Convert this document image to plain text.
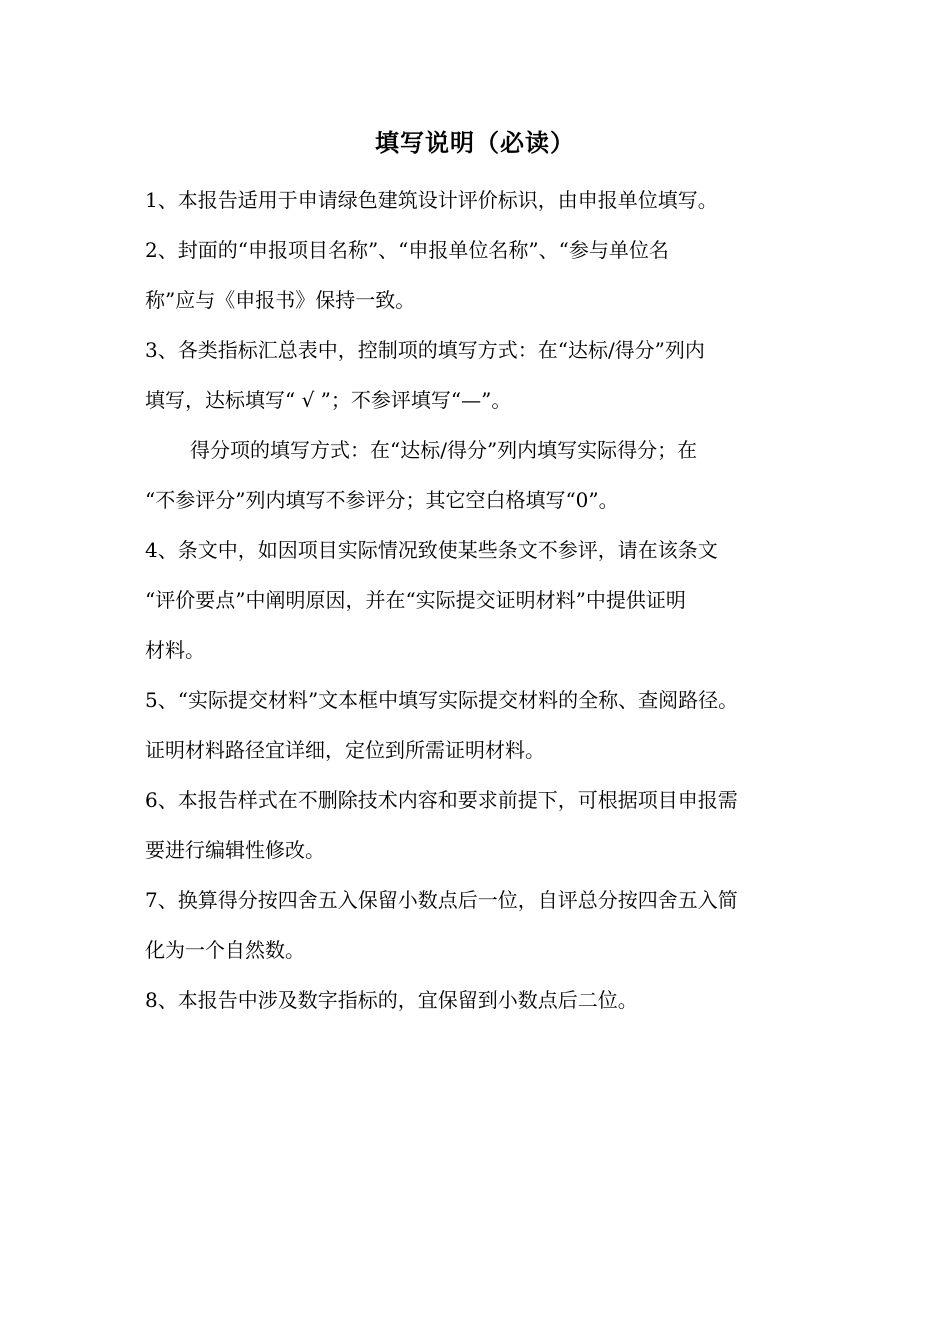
填写说明（必读）
1、本报告适用于申请绿色建筑设计评价标识，由申报单位填写。
2、封面的“申报项目名称”、“申报单位名称”、“参与单位名
称”应与《申报书》保持一致。
3、各类指标汇总表中，控制项的填写方式：在“达标/得分”列内
填写，达标填写“ √ ”；不参评填写“—”。
得分项的填写方式：在“达标/得分”列内填写实际得分；在
“不参评分”列内填写不参评分；其它空白格填写“0”。
4、条文中，如因项目实际情况致使某些条文不参评，请在该条文
“评价要点”中阐明原因，并在“实际提交证明材料”中提供证明
材料。
5、“实际提交材料”文本框中填写实际提交材料的全称、查阅路径。
证明材料路径宜详细，定位到所需证明材料。
6、本报告样式在不删除技术内容和要求前提下，可根据项目申报需
要进行编辑性修改。
7、换算得分按四舍五入保留小数点后一位，自评总分按四舍五入简
化为一个自然数。
8、本报告中涉及数字指标的，宜保留到小数点后二位。
